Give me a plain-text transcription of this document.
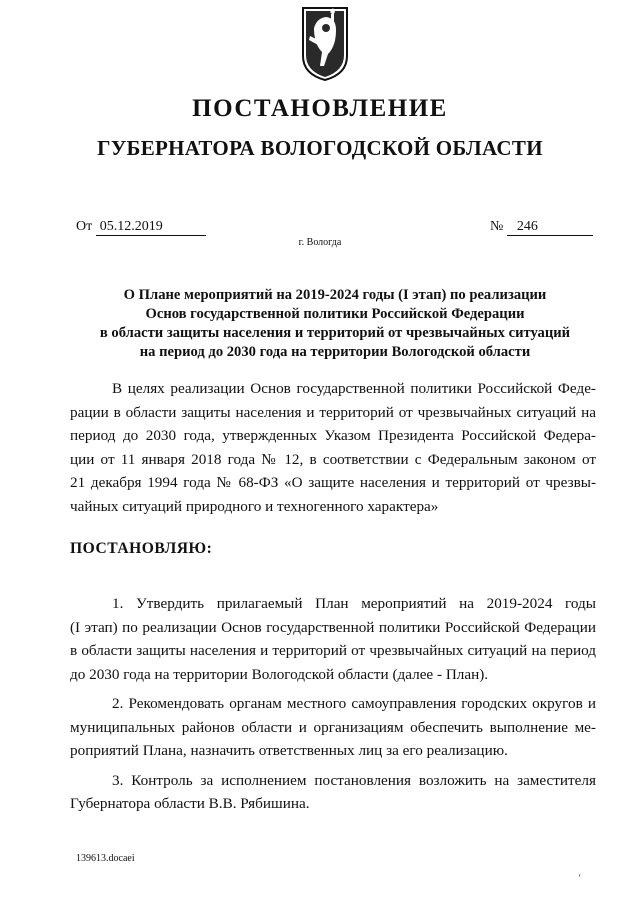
ПОСТАНОВЛЕНИЕ
ГУБЕРНАТОРА ВОЛОГОДСКОЙ ОБЛАСТИ
От 05.12.2019	№ 246
г. Вологда
О Плане мероприятий на 2019-2024 годы (I этап) по реализации
Основ государственной политики Российской Федерации
в области защиты населения и территорий от чрезвычайных ситуаций
на период до 2030 года на территории Вологодской области
В целях реализации Основ государственной политики Российской Феде-
рации в области защиты населения и территорий от чрезвычайных ситуаций на
период до 2030 года, утвержденных Указом Президента Российской Федера-
ции от 11 января 2018 года № 12, в соответствии с Федеральным законом от
21 декабря 1994 года № 68-ФЗ «О защите населения и территорий от чрезвы-
чайных ситуаций природного и техногенного характера»
ПОСТАНОВЛЯЮ:
1. Утвердить прилагаемый План мероприятий на 2019-2024 годы
(I этап) по реализации Основ государственной политики Российской Федерации
в области защиты населения и территорий от чрезвычайных ситуаций на период
до 2030 года на территории Вологодской области (далее - План).
2. Рекомендовать органам местного самоуправления городских округов и
муниципальных районов области и организациям обеспечить выполнение ме-
роприятий Плана, назначить ответственных лиц за его реализацию.
3. Контроль за исполнением постановления возложить на заместителя
Губернатора области В.В. Рябишина.
139613.docaei
ʻ
